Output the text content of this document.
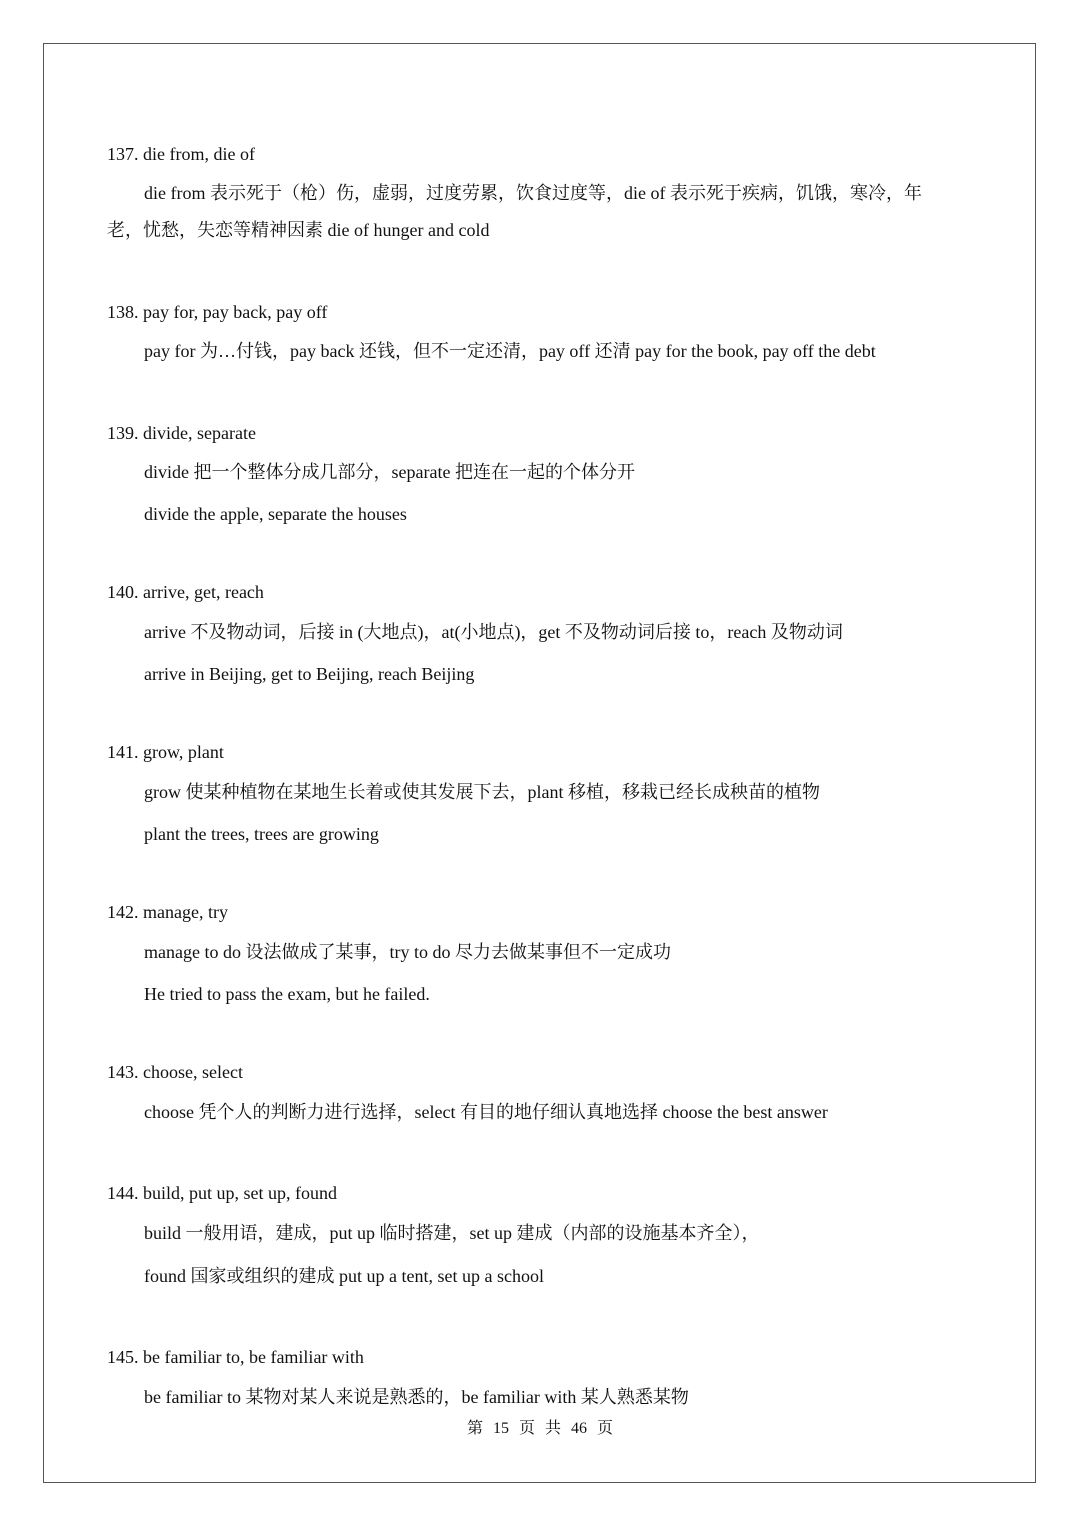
137. die from, die of
die from 表示死于（枪）伤，虚弱，过度劳累，饮食过度等，die of 表示死于疾病，饥饿，寒冷，年
老，忧愁，失恋等精神因素 die of hunger and cold
138. pay for, pay back, pay off
pay for 为…付钱，pay back 还钱，但不一定还清，pay off 还清 pay for the book, pay off the debt
139. divide, separate
divide 把一个整体分成几部分，separate 把连在一起的个体分开
divide the apple, separate the houses
140. arrive, get, reach
arrive 不及物动词，后接 in (大地点)，at(小地点)，get 不及物动词后接 to，reach 及物动词
arrive in Beijing, get to Beijing, reach Beijing
141. grow, plant
grow 使某种植物在某地生长着或使其发展下去，plant 移植，移栽已经长成秧苗的植物
plant the trees, trees are growing
142. manage, try
manage to do 设法做成了某事，try to do 尽力去做某事但不一定成功
He tried to pass the exam, but he failed.
143. choose, select
choose 凭个人的判断力进行选择，select 有目的地仔细认真地选择 choose the best answer
144. build, put up, set up, found
build 一般用语，建成，put up 临时搭建，set up 建成（内部的设施基本齐全），
found 国家或组织的建成 put up a tent, set up a school
145. be familiar to, be familiar with
be familiar to 某物对某人来说是熟悉的，be familiar with 某人熟悉某物
第 15 页 共 46 页
